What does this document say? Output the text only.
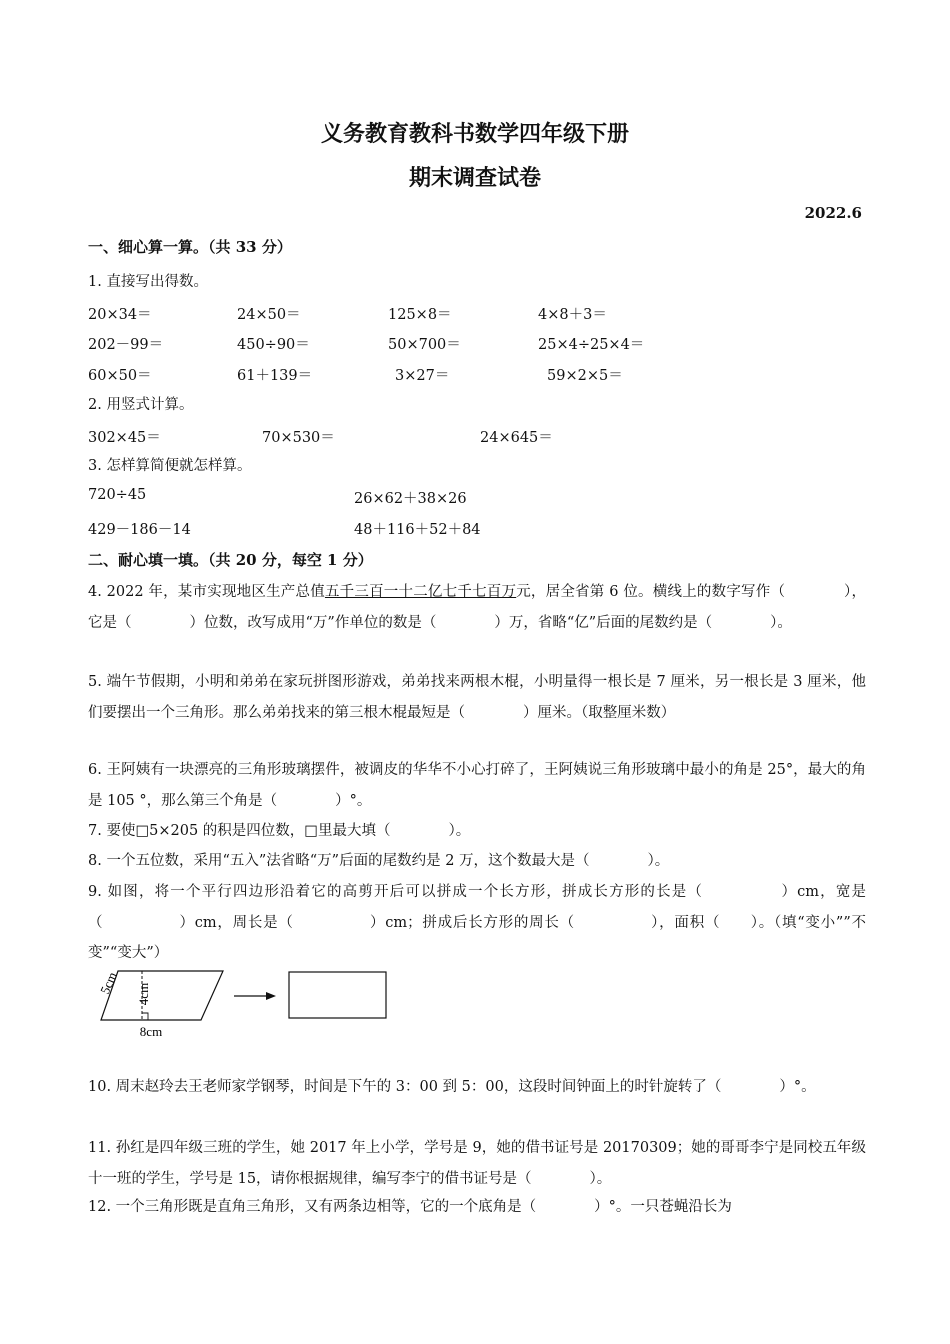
义务教育教科书数学四年级下册
期末调查试卷
2022.6
一、细心算一算。（共 33 分）
1. 直接写出得数。
20×34＝	24×50＝	125×8＝	4×8＋3＝
202－99＝	450÷90＝	50×700＝	25×4÷25×4＝
60×50＝	61＋139＝	3×27＝	59×2×5＝
2. 用竖式计算。
302×45＝	70×530＝	24×645＝
3. 怎样算简便就怎样算。
720÷45	26×62＋38×26
429－186－14	48＋116＋52＋84
二、耐心填一填。（共 20 分，每空 1 分）
4. 2022 年，某市实现地区生产总值五千三百一十二亿七千七百万元，居全省第 6 位。横线上的数字写作（　　　　），它是（　　　　）位数，改写成用“万”作单位的数是（　　　　）万，省略“亿”后面的尾数约是（　　　　）。
5. 端午节假期，小明和弟弟在家玩拼图形游戏，弟弟找来两根木棍，小明量得一根长是 7 厘米，另一根长是 3 厘米，他们要摆出一个三角形。那么弟弟找来的第三根木棍最短是（　　　　）厘米。（取整厘米数）
6. 王阿姨有一块漂亮的三角形玻璃摆件，被调皮的华华不小心打碎了，王阿姨说三角形玻璃中最小的角是 25°，最大的角是 105 °，那么第三个角是（　　　　）°。
7. 要使□5×205 的积是四位数，□里最大填（　　　　）。
8. 一个五位数，采用“五入”法省略“万”后面的尾数约是 2 万，这个数最大是（　　　　）。
9. 如图，将一个平行四边形沿着它的高剪开后可以拼成一个长方形，拼成长方形的长是（　　　　　）cm，宽是（　　　　　）cm，周长是（　　　　　）cm；拼成后长方形的周长（　　　　　），面积（　　）。（填“变小””不变”“变大”）
5cm 4cm
8cm
10. 周末赵玲去王老师家学钢琴，时间是下午的 3：00 到 5：00，这段时间钟面上的时针旋转了（　　　　）°。
11. 孙红是四年级三班的学生，她 2017 年上小学，学号是 9，她的借书证号是 20170309；她的哥哥李宁是同校五年级十一班的学生，学号是 15，请你根据规律，编写李宁的借书证号是（　　　　）。
12. 一个三角形既是直角三角形，又有两条边相等，它的一个底角是（　　　　）°。一只苍蝇沿长为
